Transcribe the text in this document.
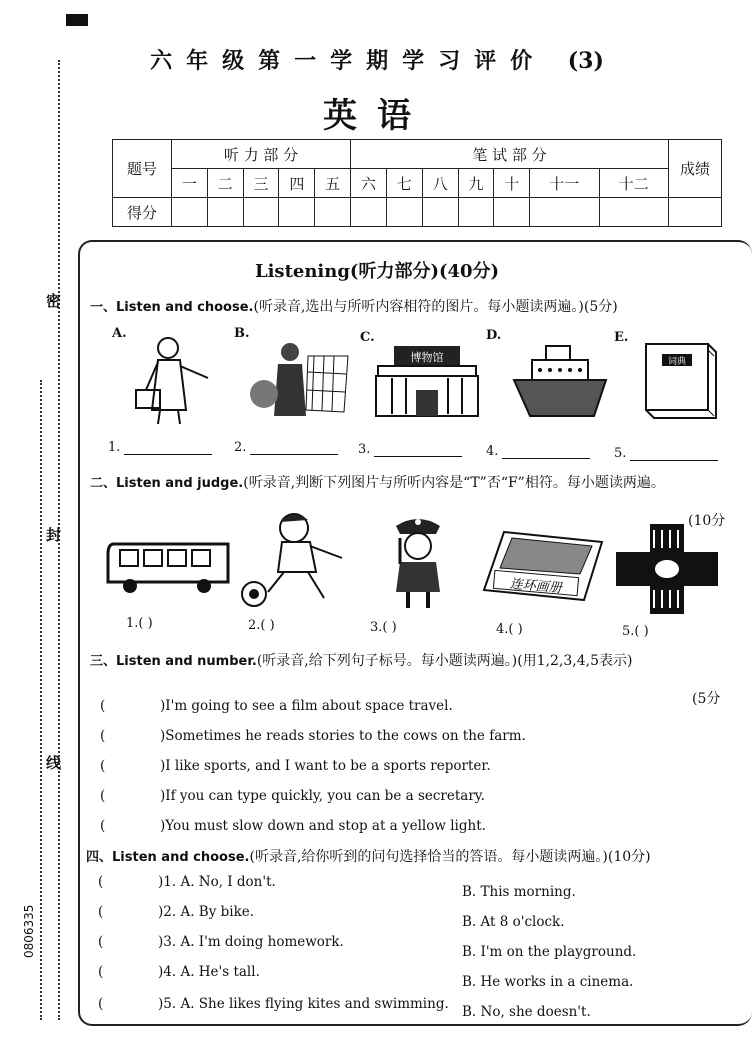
六年级第一学期学习评价 (3)
英语
密
封
线
0806335
题号	听 力 部 分					笔 试 部 分							成绩
	一	二	三	四	五	六	七	八	九	十	十一	十二	
得分													
Listening(听力部分)(40分)
一、Listen and choose.(听录音,选出与所听内容相符的图片。每小题读两遍。)(5分)
A.	B.	C.	D.	E.
博物馆	词典
1.	2.	3.	4.	5.
二、Listen and judge.(听录音,判断下列图片与所听内容是“T”否“F”相符。每小题读两遍。
(10分
连环画册
1.( )	2.( )	3.( )	4.( )	5.( )
三、Listen and number.(听录音,给下列句子标号。每小题读两遍。)(用1,2,3,4,5表示)
(5分
(	)I'm going to see a film about space travel.
(	)Sometimes he reads stories to the cows on the farm.
(	)I like sports, and I want to be a sports reporter.
(	)If you can type quickly, you can be a secretary.
(	)You must slow down and stop at a yellow light.
四、Listen and choose.(听录音,给你听到的问句选择恰当的答语。每小题读两遍。)(10分)
(	)1. A. No, I don't.
B. This morning.
(	)2. A. By bike.
B. At 8 o'clock.
(	)3. A. I'm doing homework.
B. I'm on the playground.
(	)4. A. He's tall.
B. He works in a cinema.
(	)5. A. She likes flying kites and swimming. B. No, she doesn't.
